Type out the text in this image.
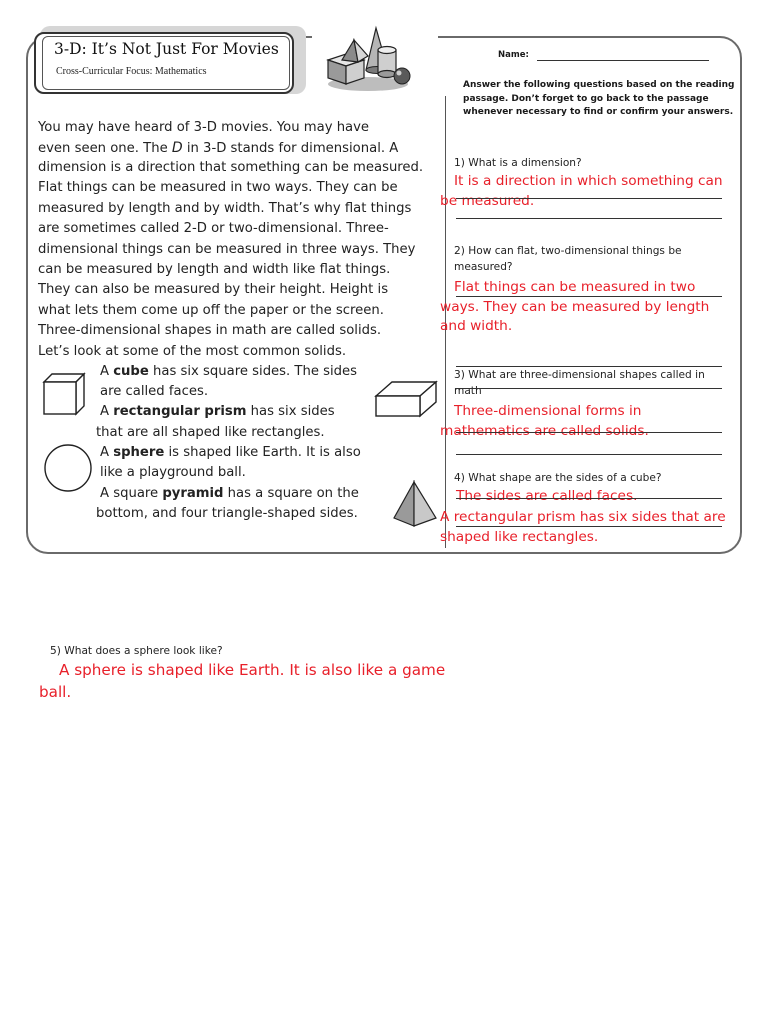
3-D: It’s Not Just For Movies
Cross-Curricular Focus: Mathematics
Name:
Answer the following questions based on the reading passage. Don’t forget to go back to the passage whenever necessary to find or confirm your answers.
You may have heard of 3-D movies. You may have
even seen one. The D in 3-D stands for dimensional. A
dimension is a direction that something can be measured.
Flat things can be measured in two ways. They can be
measured by length and by width. That’s why flat things
are sometimes called 2-D or two-dimensional. Three-
dimensional things can be measured in three ways. They
can be measured by length and width like flat things.
They can also be measured by their height. Height is
what lets them come up off the paper or the screen.
Three-dimensional shapes in math are called solids.
Let’s look at some of the most common solids.
A cube has six square sides. The sides
are called faces.
A rectangular prism has six sides
that are all shaped like rectangles.
A sphere is shaped like Earth. It is also
like a playground ball.
A square pyramid has a square on the
bottom, and four triangle-shaped sides.
1) What is a dimension?
It is a direction in which something can be measured.
2) How can flat, two-dimensional things be measured?
Flat things can be measured in two ways. They can be measured by length and width.
3) What are three-dimensional shapes called in math
Three-dimensional forms in mathematics are called solids.
4) What shape are the sides of a cube?
The sides are called faces.
A rectangular prism has six sides that are shaped like rectangles.
5) What does a sphere look like?
A sphere is shaped like Earth. It is also like a game ball.
